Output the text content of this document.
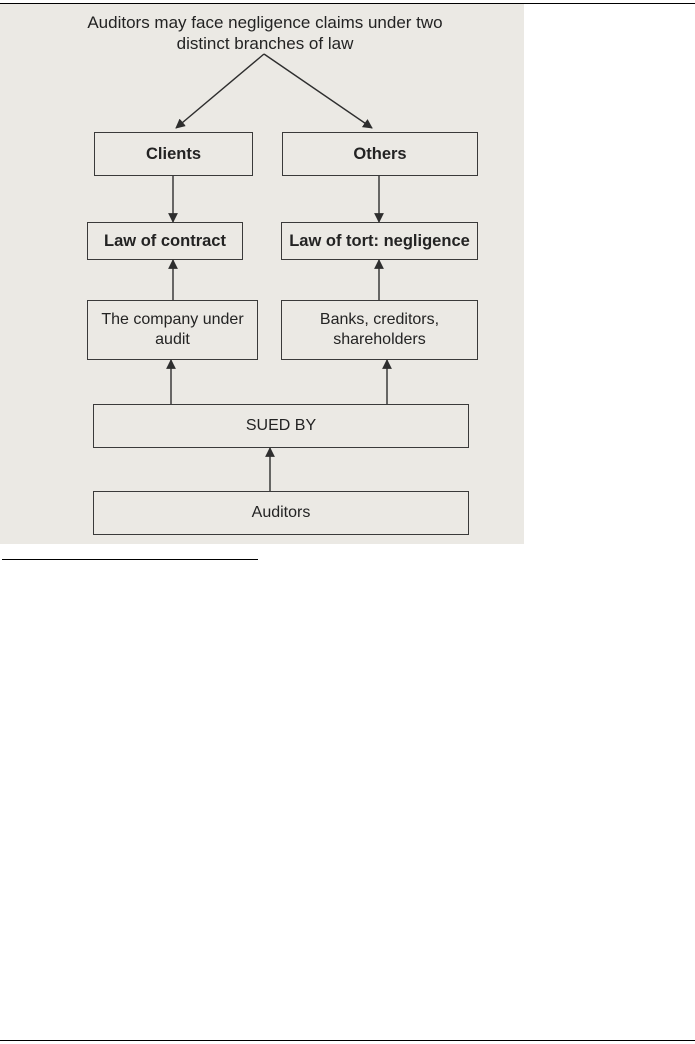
Auditors may face negligence claims under two
distinct branches of law
Clients	Others
Law of contract	Law of tort: negligence
The company under
audit
Banks, creditors,
shareholders
SUED BY
Auditors
